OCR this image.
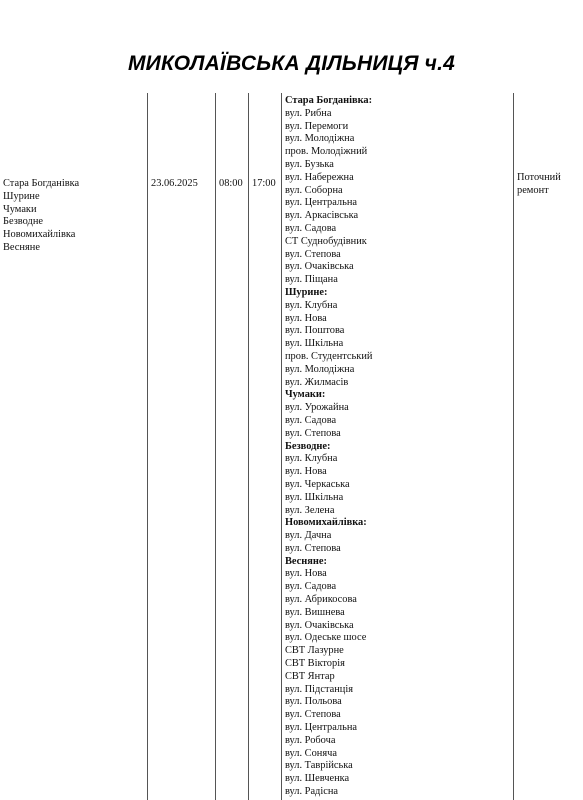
МИКОЛАЇВСЬКА ДІЛЬНИЦЯ ч.4
Стара Богданівка
Шурине
Чумаки
Безводне
Новомихайлівка
Весняне
23.06.2025 08:00 17:00
Поточний ремонт
Стара Богданівка:
вул. Рибна
вул. Перемоги
вул. Молодіжна
пров. Молодіжний
вул. Бузька
вул. Набережна
вул. Соборна
вул. Центральна
вул. Аркасівська
вул. Садова
СТ Суднобудівник
вул. Степова
вул. Очаківська
вул. Піщана
Шурине:
вул. Клубна
вул. Нова
вул. Поштова
вул. Шкільна
пров. Студентський
вул. Молодіжна
вул. Жилмасів
Чумаки:
вул. Урожайна
вул. Садова
вул. Степова
Безводне:
вул. Клубна
вул. Нова
вул. Черкаська
вул. Шкільна
вул. Зелена
Новомихайлівка:
вул. Дачна
вул. Степова
Весняне:
вул. Нова
вул. Садова
вул. Абрикосова
вул. Вишнева
вул. Очаківська
вул. Одеське шосе
СВТ Лазурне
СВТ Вікторія
СВТ Янтар
вул. Підстанція
вул. Польова
вул. Степова
вул. Центральна
вул. Робоча
вул. Соняча
вул. Таврійська
вул. Шевченка
вул. Радісна
